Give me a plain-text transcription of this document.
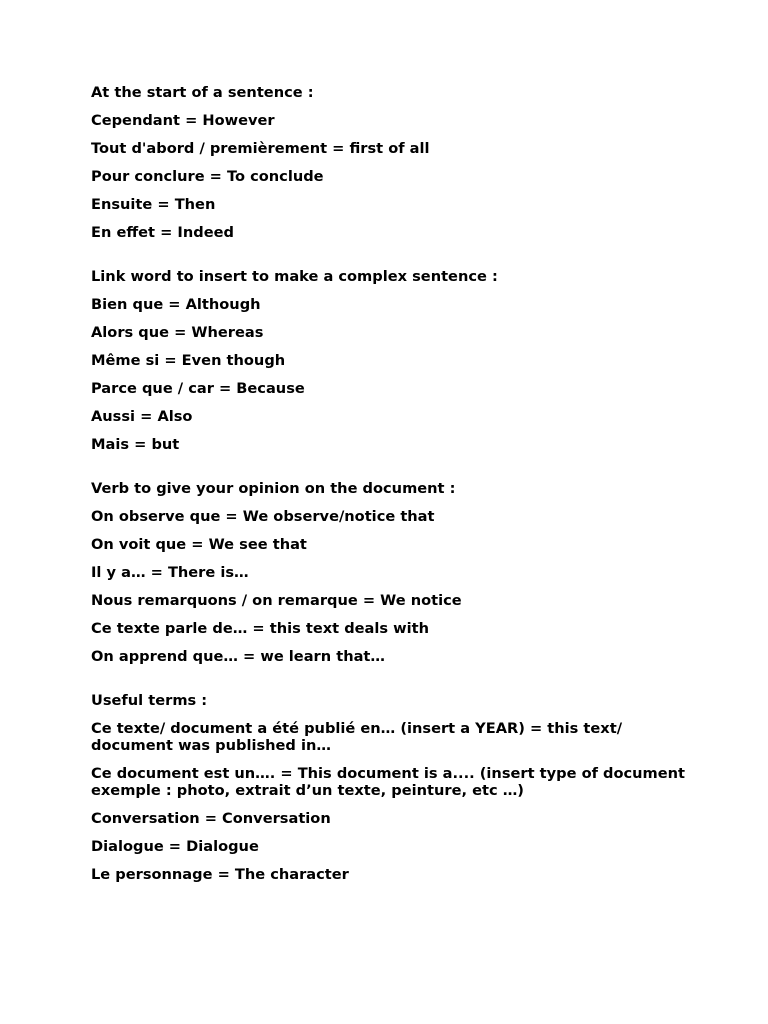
At the start of a sentence :
Cependant = However
Tout d'abord / premièrement = first of all
Pour conclure = To conclude
Ensuite = Then
En effet = Indeed
Link word to insert to make a complex sentence :
Bien que = Although
Alors que = Whereas
Même si = Even though
Parce que / car = Because
Aussi = Also
Mais = but
Verb to give your opinion on the document :
On observe que = We observe/notice that
On voit que = We see that
Il y a… = There is…
Nous remarquons / on remarque = We notice
Ce texte parle de… = this text deals with
On apprend que… = we learn that…
Useful terms :
Ce texte/ document a été publié en… (insert a YEAR) = this text/ document was published in…
Ce document est un…. = This document is a.... (insert type of document exemple : photo, extrait d’un texte, peinture, etc …)
Conversation = Conversation
Dialogue = Dialogue
Le personnage = The character
